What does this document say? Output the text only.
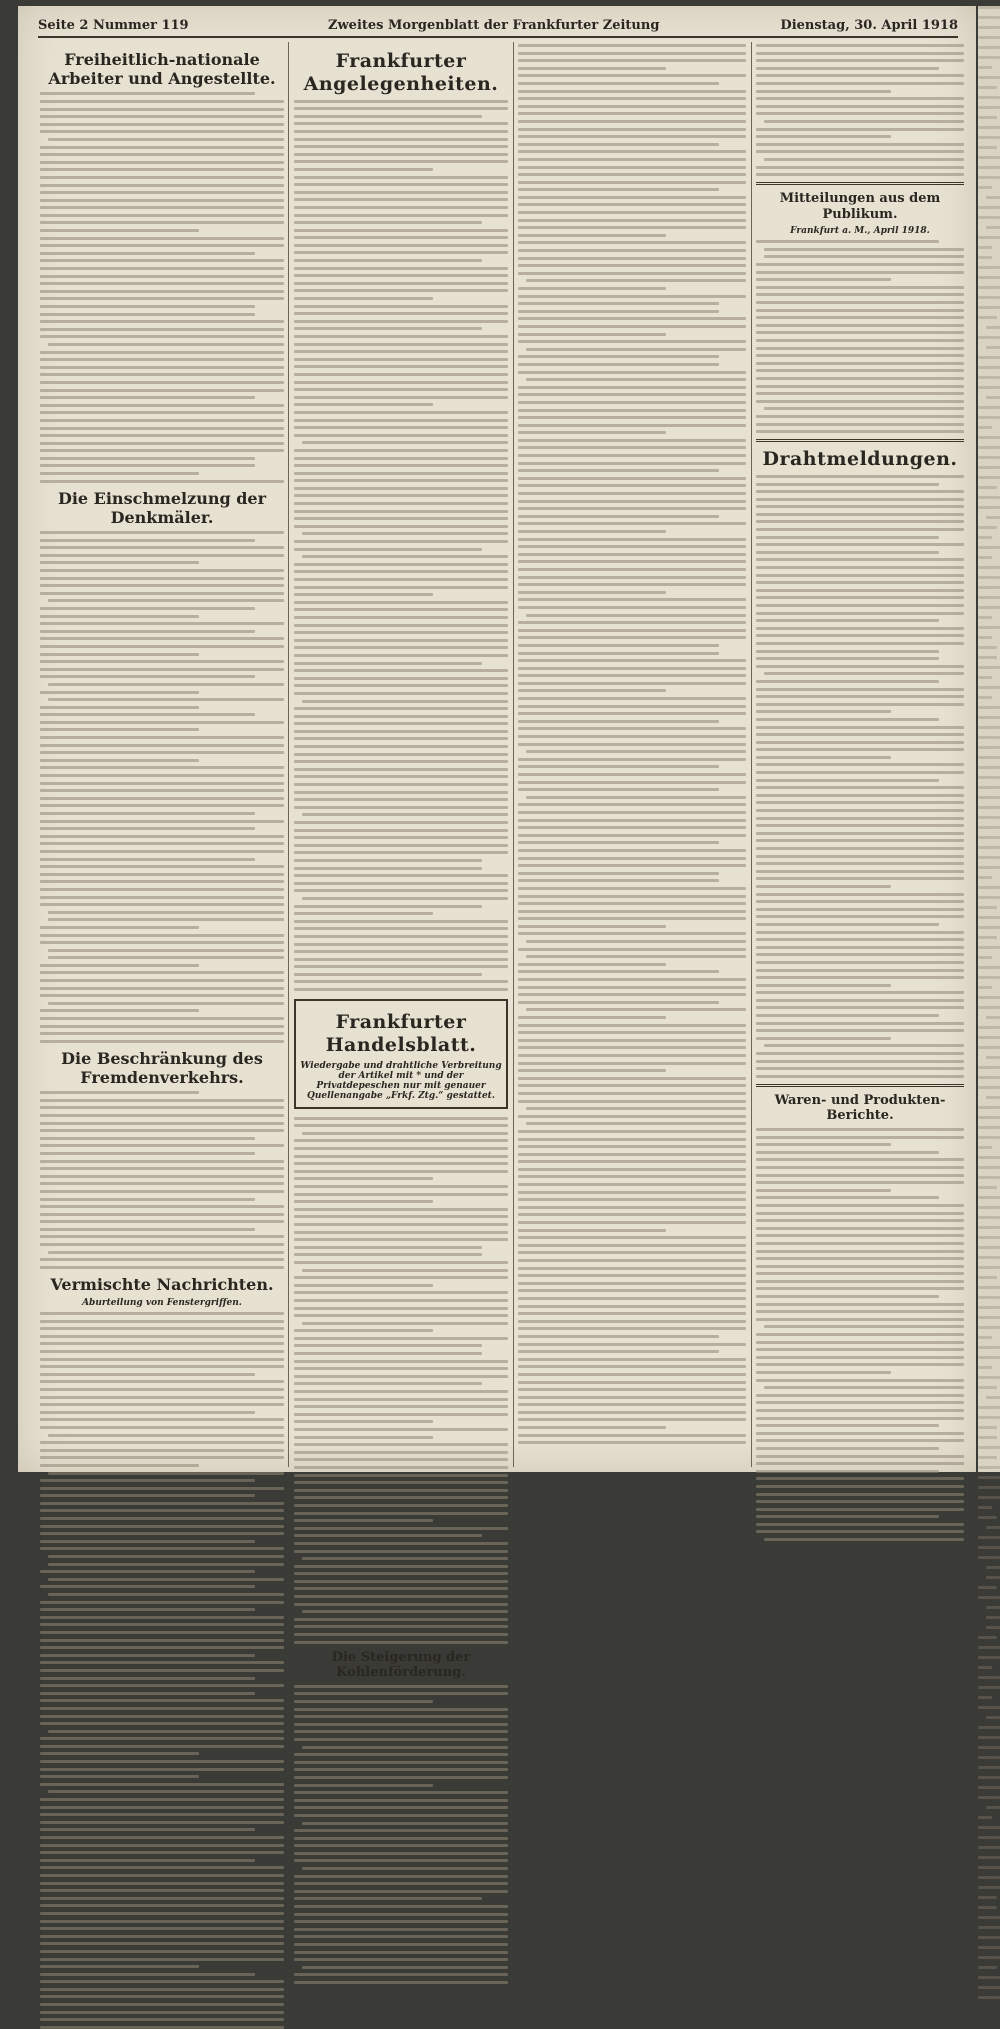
Seite 2 Nummer 119	Zweites Morgenblatt der Frankfurter Zeitung	Dienstag, 30. April 1918
Freiheitlich-nationale Arbeiter und Angestellte.
Die Einschmelzung der Denkmäler.
Die Beschränkung des Fremdenverkehrs.
Vermischte Nachrichten.
Aburteilung von Fenstergriffen.
Frankfurter Angelegenheiten.
Frankfurter Handelsblatt.
Wiedergabe und drahtliche Verbreitung der Artikel mit * und der Privatdepeschen nur mit genauer Quellenangabe „Frkf. Ztg.“ gestattet.
Die Steigerung der Kohlenförderung.
Mitteilungen aus dem Publikum.
Frankfurt a. M., April 1918.
Drahtmeldungen.
Waren- und Produkten-Berichte.
